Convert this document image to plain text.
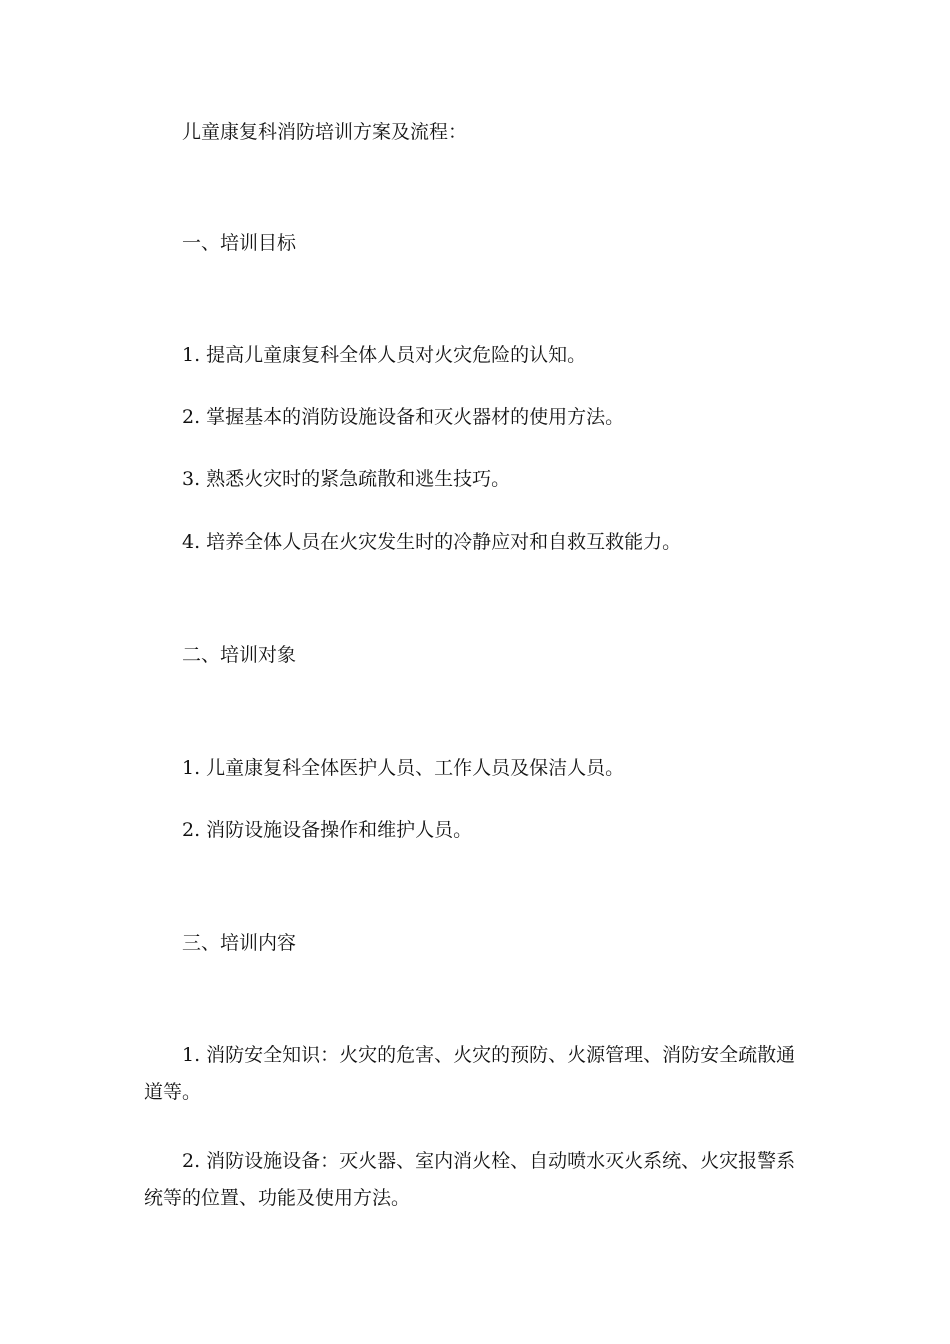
儿童康复科消防培训方案及流程：
一、培训目标
1. 提高儿童康复科全体人员对火灾危险的认知。
2. 掌握基本的消防设施设备和灭火器材的使用方法。
3. 熟悉火灾时的紧急疏散和逃生技巧。
4. 培养全体人员在火灾发生时的冷静应对和自救互救能力。
二、培训对象
1. 儿童康复科全体医护人员、工作人员及保洁人员。
2. 消防设施设备操作和维护人员。
三、培训内容
1. 消防安全知识：火灾的危害、火灾的预防、火源管理、消防安全疏散通道等。
2. 消防设施设备：灭火器、室内消火栓、自动喷水灭火系统、火灾报警系统等的位置、功能及使用方法。
